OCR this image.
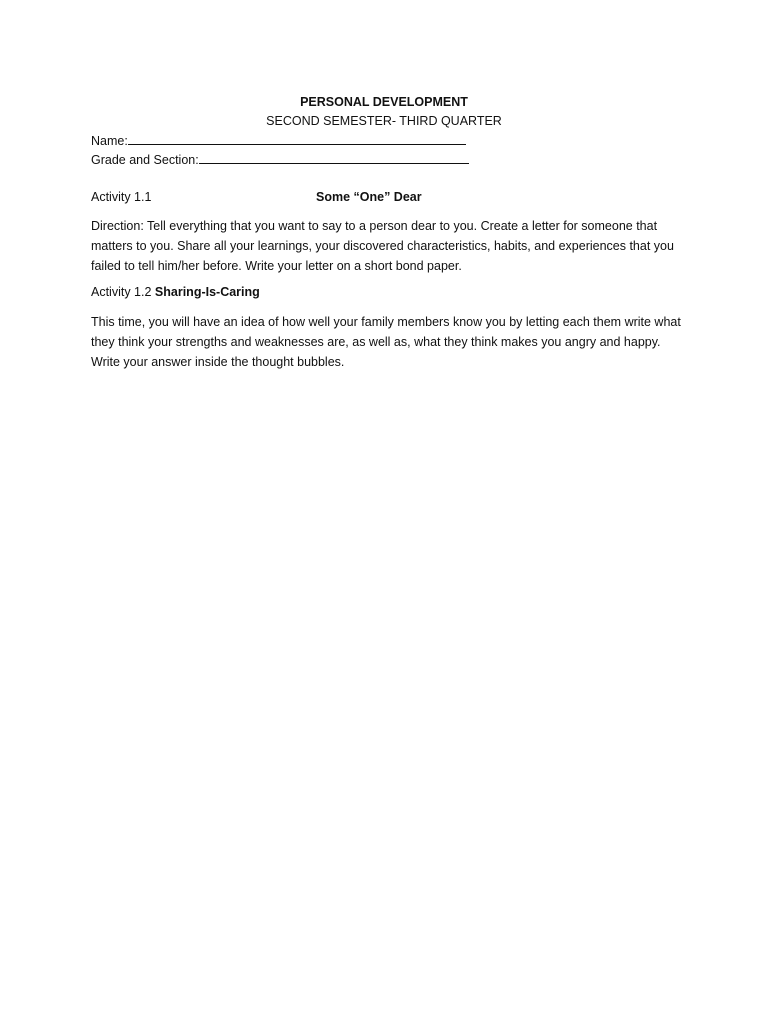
PERSONAL DEVELOPMENT
SECOND SEMESTER- THIRD QUARTER
Name:
Grade and Section:
Activity 1.1	Some “One” Dear
Direction: Tell everything that you want to say to a person dear to you. Create a letter for someone that matters to you. Share all your learnings, your discovered characteristics, habits, and experiences that you failed to tell him/her before. Write your letter on a short bond paper.
Activity 1.2 Sharing-Is-Caring
This time, you will have an idea of how well your family members know you by letting each them write what they think your strengths and weaknesses are, as well as, what they think makes you angry and happy. Write your answer inside the thought bubbles.
